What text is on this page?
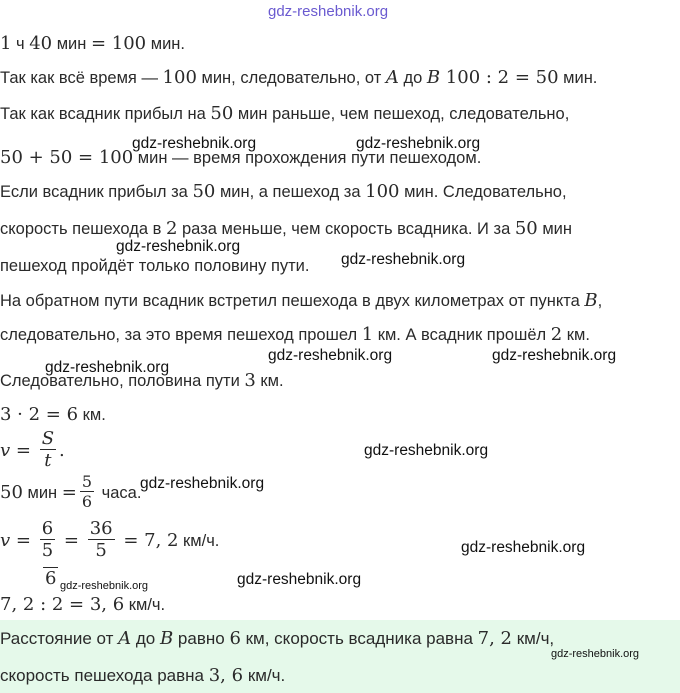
gdz-reshebnik.org
1 ч 40 мин = 100 мин.
Так как всё время — 100 мин, следовательно, от A до B 100 : 2 = 50 мин.
Так как всадник прибыл на 50 мин раньше, чем пешеход, следовательно,
50 + 50 = 100 мин — время прохождения пути пешеходом.
Если всадник прибыл за 50 мин, а пешеход за 100 мин. Следовательно,
скорость пешехода в 2 раза меньше, чем скорость всадника. И за 50 мин
пешеход пройдёт только половину пути.
На обратном пути всадник встретил пешехода в двух километрах от пункта B,
следовательно, за это время пешеход прошел 1 км. А всадник прошёл 2 км.
Следовательно, половина пути 3 км.
3 · 2 = 6 км.
$v = \frac{S}{t}$ .
50 мин = $\frac{5}{6}$ часа.
$v = \frac{6}{5} = \frac{36}{5} = 7$, 2 км/ч.
6
7, 2 : 2 = 3, 6 км/ч.
Расстояние от A до B равно 6 км, скорость всадника равна 7, 2 км/ч,
скорость пешехода равна 3, 6 км/ч.
gdz-reshebnik.org	gdz-reshebnik.org
gdz-reshebnik.org
gdz-reshebnik.org
gdz-reshebnik.org
gdz-reshebnik.org	gdz-reshebnik.org
gdz-reshebnik.org
gdz-reshebnik.org
gdz-reshebnik.org
gdz-reshebnik.org
gdz-reshebnik.org
gdz-reshebnik.org
